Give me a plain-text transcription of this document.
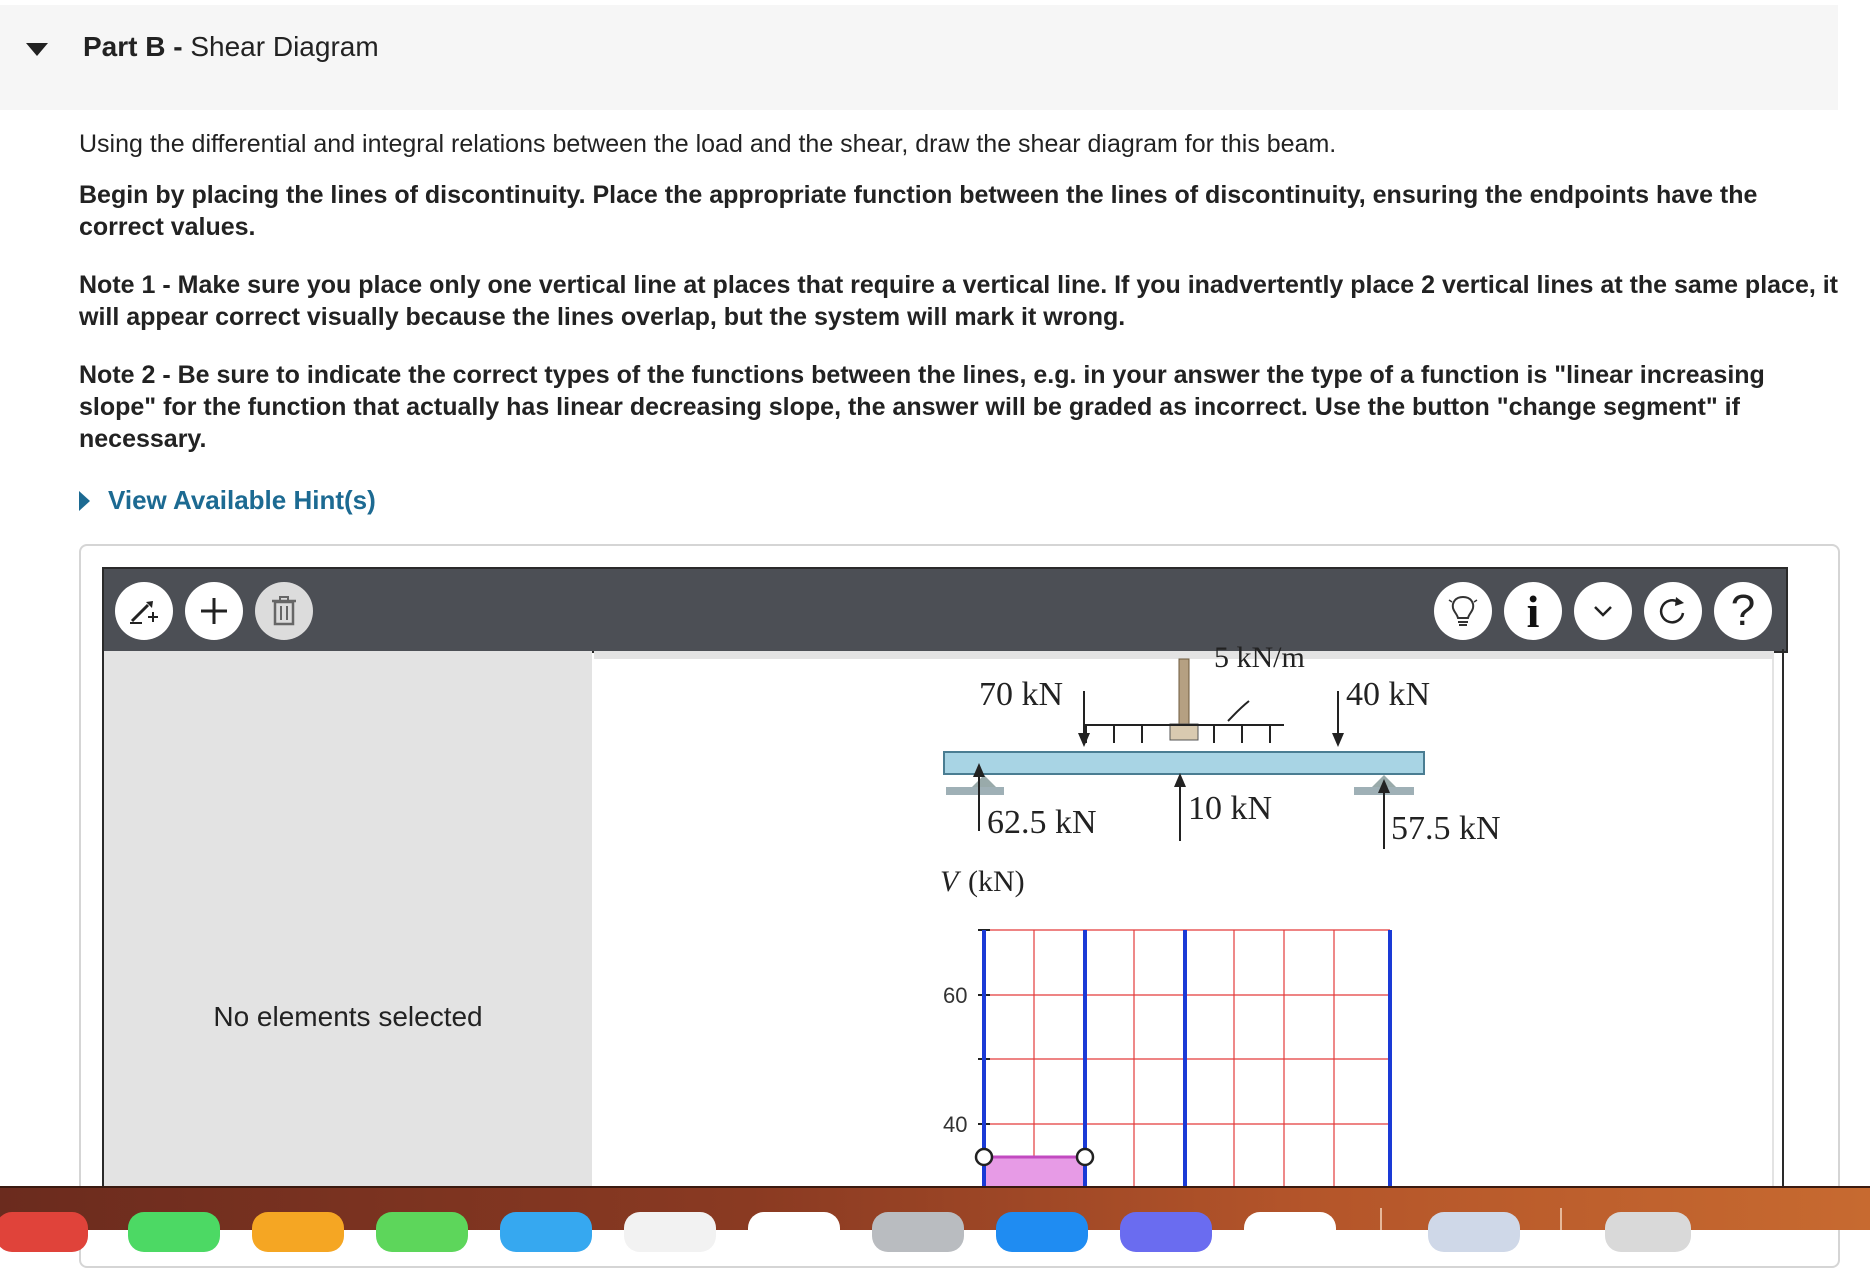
Part B - Shear Diagram

Using the differential and integral relations between the load and the shear, draw the shear diagram for this beam.

Begin by placing the lines of discontinuity. Place the appropriate function between the lines of discontinuity, ensuring the endpoints have the correct values.

Note 1 - Make sure you place only one vertical line at places that require a vertical line. If you inadvertently place 2 vertical lines at the same place, it will appear correct visually because the lines overlap, but the system will mark it wrong.

Note 2 - Be sure to indicate the correct types of the functions between the lines, e.g. in your answer the type of a function is "linear increasing slope" for the function that actually has linear decreasing slope, the answer will be graded as incorrect. Use the button "change segment" if necessary.

View Available Hint(s)
i	?
No elements selected
5 kN/m
70 kN	40 kN
62.5 kN	10 kN
57.5 kN
V (kN)
60
40
